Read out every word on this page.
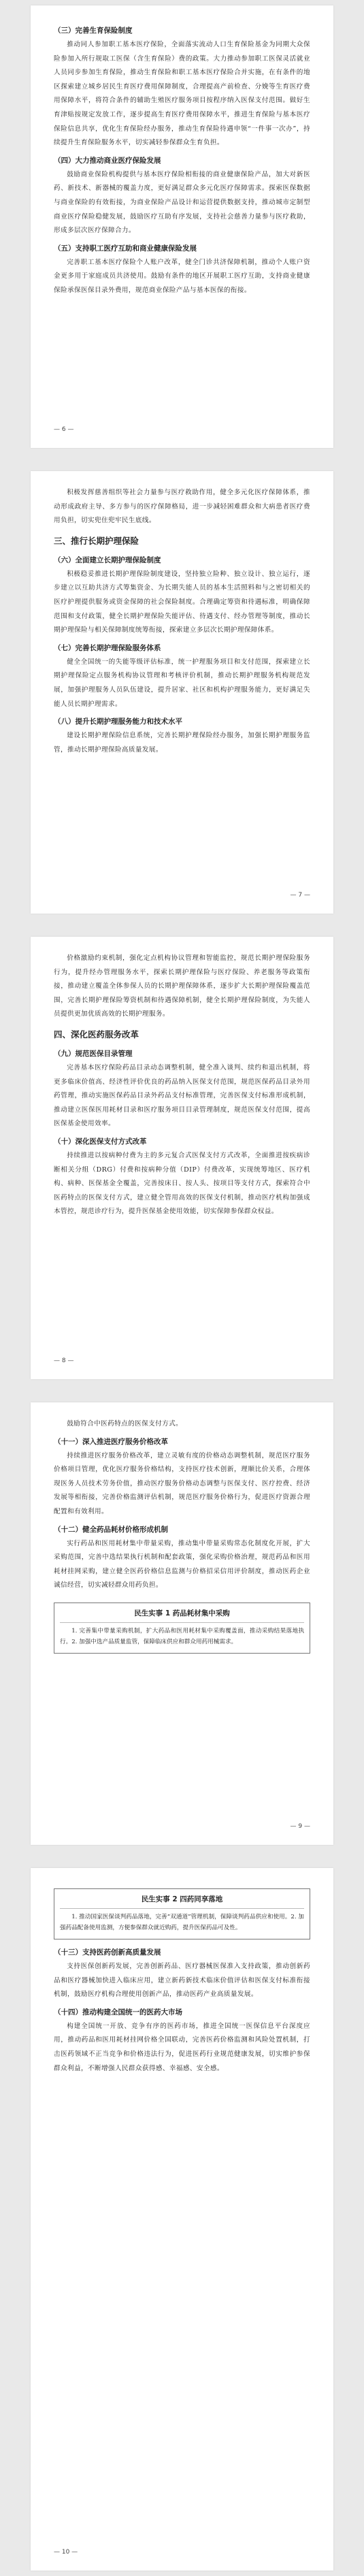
（三）完善生育保险制度

推动同人参加职工基本医疗保险，全面落实流动人口生育保险基金为同期大众保险参加入所行规取工医保（含生育保险）费的政策。大力推动参加职工医保灵活就业人员同步参加生育保险，推动生育保险和职工基本医疗保险合并实施，在有条件的地区探索建立城乡居民生育医疗费用保障制度，合理提高产前检查、分娩等生育医疗费用保障水平，将符合条件的辅助生殖医疗服务项目按程序纳入医保支付范围。做好生育津贴按规定发放工作，逐步提高生育医疗费用保障水平，推进生育保险与基本医疗保险信息共享，优化生育保险经办服务，推动生育保险待遇申领“一件事一次办”，持续提升生育保险服务水平，切实减轻参保群众生育负担。

（四）大力推动商业医疗保险发展

鼓励商业保险机构提供与基本医疗保险相衔接的商业健康保险产品，加大对新医药、新技术、新器械的覆盖力度，更好满足群众多元化医疗保障需求。探索医保数据与商业保险的有效衔接，为商业保险产品设计和运营提供数据支持，推动城市定制型商业医疗保险稳健发展，鼓励医疗互助有序发展，支持社会慈善力量参与医疗救助，形成多层次医疗保障合力。

（五）支持职工医疗互助和商业健康保险发展

完善职工基本医疗保险个人账户改革，健全门诊共济保障机制，推动个人账户资金更多用于家庭成员共济使用。鼓励有条件的地区开展职工医疗互助，支持商业健康保险承保医保目录外费用，规范商业保险产品与基本医保的衔接。

— 6 —

积极发挥慈善组织等社会力量参与医疗救助作用，健全多元化医疗保障体系，推动形成政府主导、多方参与的医疗保障格局，进一步减轻困难群众和大病患者医疗费用负担，切实兜住兜牢民生底线。

三、推行长期护理保险
（六）全面建立长期护理保险制度

积极稳妥推进长期护理保险制度建设，坚持独立险种、独立设计、独立运行，逐步建立以互助共济方式筹集资金、为长期失能人员的基本生活照料和与之密切相关的医疗护理提供服务或资金保障的社会保险制度。合理确定筹资和待遇标准，明确保障范围和支付政策，健全长期护理保险失能评估、待遇支付、经办管理等制度，推动长期护理保险与相关保障制度统筹衔接，探索建立多层次长期护理保障体系。

（七）完善长期护理保险服务体系

健全全国统一的失能等级评估标准，统一护理服务项目和支付范围，探索建立长期护理保险定点服务机构协议管理和考核评价机制，推动长期护理服务机构规范发展，加强护理服务人员队伍建设，提升居家、社区和机构护理服务能力，更好满足失能人员长期护理需求。

（八）提升长期护理服务能力和技术水平

建设长期护理保险信息系统，完善长期护理保险经办服务，加强长期护理服务监管，推动长期护理保险高质量发展。

— 7 —

价格激励约束机制，强化定点机构协议管理和智能监控，规范长期护理保险服务行为，提升经办管理服务水平，探索长期护理保险与医疗保险、养老服务等政策衔接，推动建立覆盖全体参保人员的长期护理保障体系，逐步扩大长期护理保险覆盖范围，完善长期护理保险筹资机制和待遇保障机制，健全长期护理保险制度，为失能人员提供更加优质高效的长期护理服务。

四、深化医药服务改革
（九）规范医保目录管理

完善基本医疗保险药品目录动态调整机制，健全准入谈判、续约和退出机制，将更多临床价值高、经济性评价优良的药品纳入医保支付范围，规范医保药品目录外用药管理，推动实施医保药品目录外药品支付标准管理，完善医保支付标准形成机制，推动建立医保医用耗材目录和医疗服务项目目录管理制度，规范医保支付范围，提高医保基金使用效率。

（十）深化医保支付方式改革

持续推进以按病种付费为主的多元复合式医保支付方式改革，全面推进按疾病诊断相关分组（DRG）付费和按病种分值（DIP）付费改革，实现统筹地区、医疗机构、病种、医保基金全覆盖，完善按床日、按人头、按项目等支付方式，探索符合中医药特点的医保支付方式，建立健全管用高效的医保支付机制，推动医疗机构加强成本管控，规范诊疗行为，提升医保基金使用效能，切实保障参保群众权益。

— 8 —

鼓励符合中医药特点的医保支付方式。

（十一）深入推进医疗服务价格改革

持续推进医疗服务价格改革，建立灵敏有度的价格动态调整机制，规范医疗服务价格项目管理，优化医疗服务价格结构，支持医疗技术创新，理顺比价关系，合理体现医务人员技术劳务价值，推动医疗服务价格动态调整与医保支付、医疗控费、经济发展等相衔接，完善价格监测评估机制，规范医疗服务价格行为，促进医疗资源合理配置和有效利用。

（十二）健全药品耗材价格形成机制

实行药品和医用耗材集中带量采购，推动集中带量采购常态化制度化开展，扩大采购范围，完善中选结果执行机制和配套政策，强化采购价格治理，规范药品和医用耗材挂网采购，建立健全医药价格信息监测与价格招采信用评价制度，推动医药企业诚信经营，切实减轻群众用药负担。

民生实事 1 药品耗材集中采购
1. 完善集中带量采购机制，扩大药品和医用耗材集中采购覆盖面，推动采购结果落地执行。2. 加强中选产品质量监管，保障临床供应和群众用药用械需求。
— 9 —
民生实事 2 四药同享落地
1. 推动国家医保谈判药品落地，完善“双通道”管理机制，保障谈判药品供应和使用。2. 加强药品配备使用监测，方便参保群众就近购药，提升医保药品可及性。
（十三）支持医药创新高质量发展

支持医保创新药发展，完善创新药品、医疗器械医保准入支持政策，推动创新药品和医疗器械加快进入临床应用，建立新药新技术临床价值评估和医保支付标准衔接机制，鼓励医疗机构合理使用创新产品，推动医药产业高质量发展。

（十四）推动构建全国统一的医药大市场

构建全国统一开放、竞争有序的医药市场，推进全国统一医保信息平台深度应用，推动药品和医用耗材挂网价格全国联动，完善医药价格监测和风险处置机制，打击医药领域不正当竞争和价格违法行为，促进医药行业规范健康发展，切实维护参保群众利益，不断增强人民群众获得感、幸福感、安全感。

— 10 —
